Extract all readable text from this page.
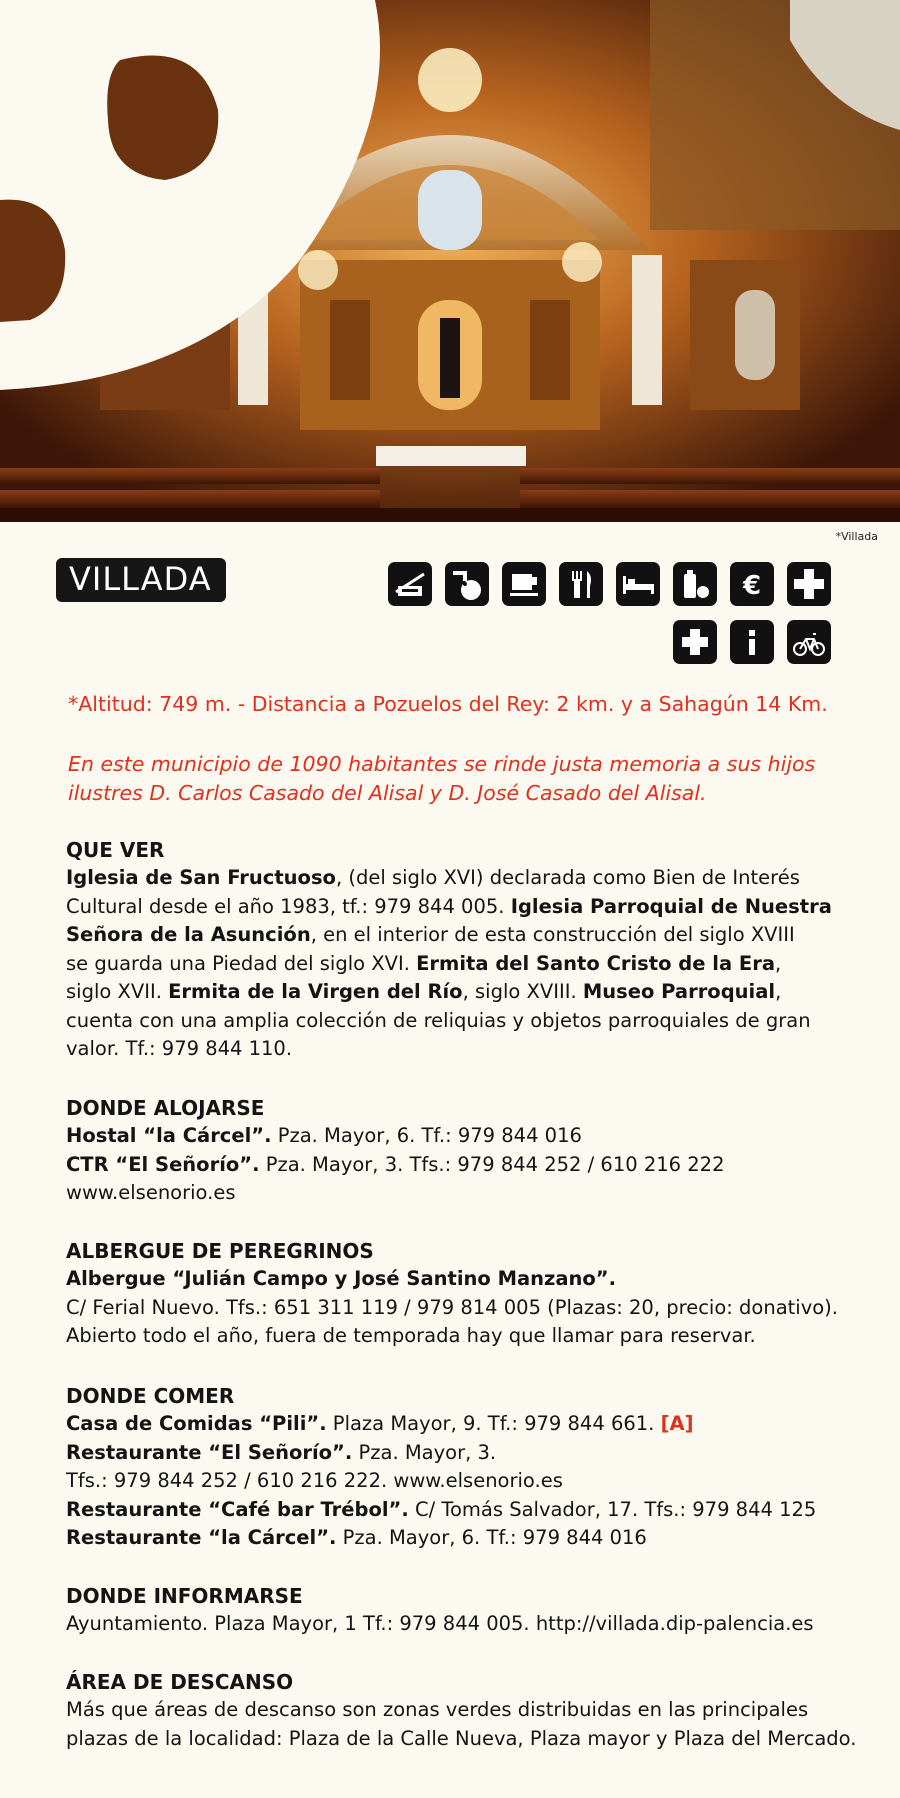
*Villada
VILLADA	€
*Altitud: 749 m. - Distancia a Pozuelos del Rey: 2 km. y a Sahagún 14 Km.
En este municipio de 1090 habitantes se rinde justa memoria a sus hijos ilustres D. Carlos Casado del Alisal y D. José Casado del Alisal.
QUE VER
Iglesia de San Fructuoso, (del siglo XVI) declarada como Bien de Interés
Cultural desde el año 1983, tf.: 979 844 005. Iglesia Parroquial de Nuestra
Señora de la Asunción, en el interior de esta construcción del siglo XVIII
se guarda una Piedad del siglo XVI. Ermita del Santo Cristo de la Era,
siglo XVII. Ermita de la Virgen del Río, siglo XVIII. Museo Parroquial,
cuenta con una amplia colección de reliquias y objetos parroquiales de gran
valor. Tf.: 979 844 110.
DONDE ALOJARSE
Hostal “la Cárcel”. Pza. Mayor, 6. Tf.: 979 844 016
CTR “El Señorío”. Pza. Mayor, 3. Tfs.: 979 844 252 / 610 216 222
www.elsenorio.es
ALBERGUE DE PEREGRINOS
Albergue “Julián Campo y José Santino Manzano”.
C/ Ferial Nuevo. Tfs.: 651 311 119 / 979 814 005 (Plazas: 20, precio: donativo).
Abierto todo el año, fuera de temporada hay que llamar para reservar.
DONDE COMER
Casa de Comidas “Pili”. Plaza Mayor, 9. Tf.: 979 844 661. [A]
Restaurante “El Señorío”. Pza. Mayor, 3.
Tfs.: 979 844 252 / 610 216 222. www.elsenorio.es
Restaurante “Café bar Trébol”. C/ Tomás Salvador, 17. Tfs.: 979 844 125
Restaurante “la Cárcel”. Pza. Mayor, 6. Tf.: 979 844 016
DONDE INFORMARSE
Ayuntamiento. Plaza Mayor, 1 Tf.: 979 844 005. http://villada.dip-palencia.es
ÁREA DE DESCANSO
Más que áreas de descanso son zonas verdes distribuidas en las principales
plazas de la localidad: Plaza de la Calle Nueva, Plaza mayor y Plaza del Mercado.
